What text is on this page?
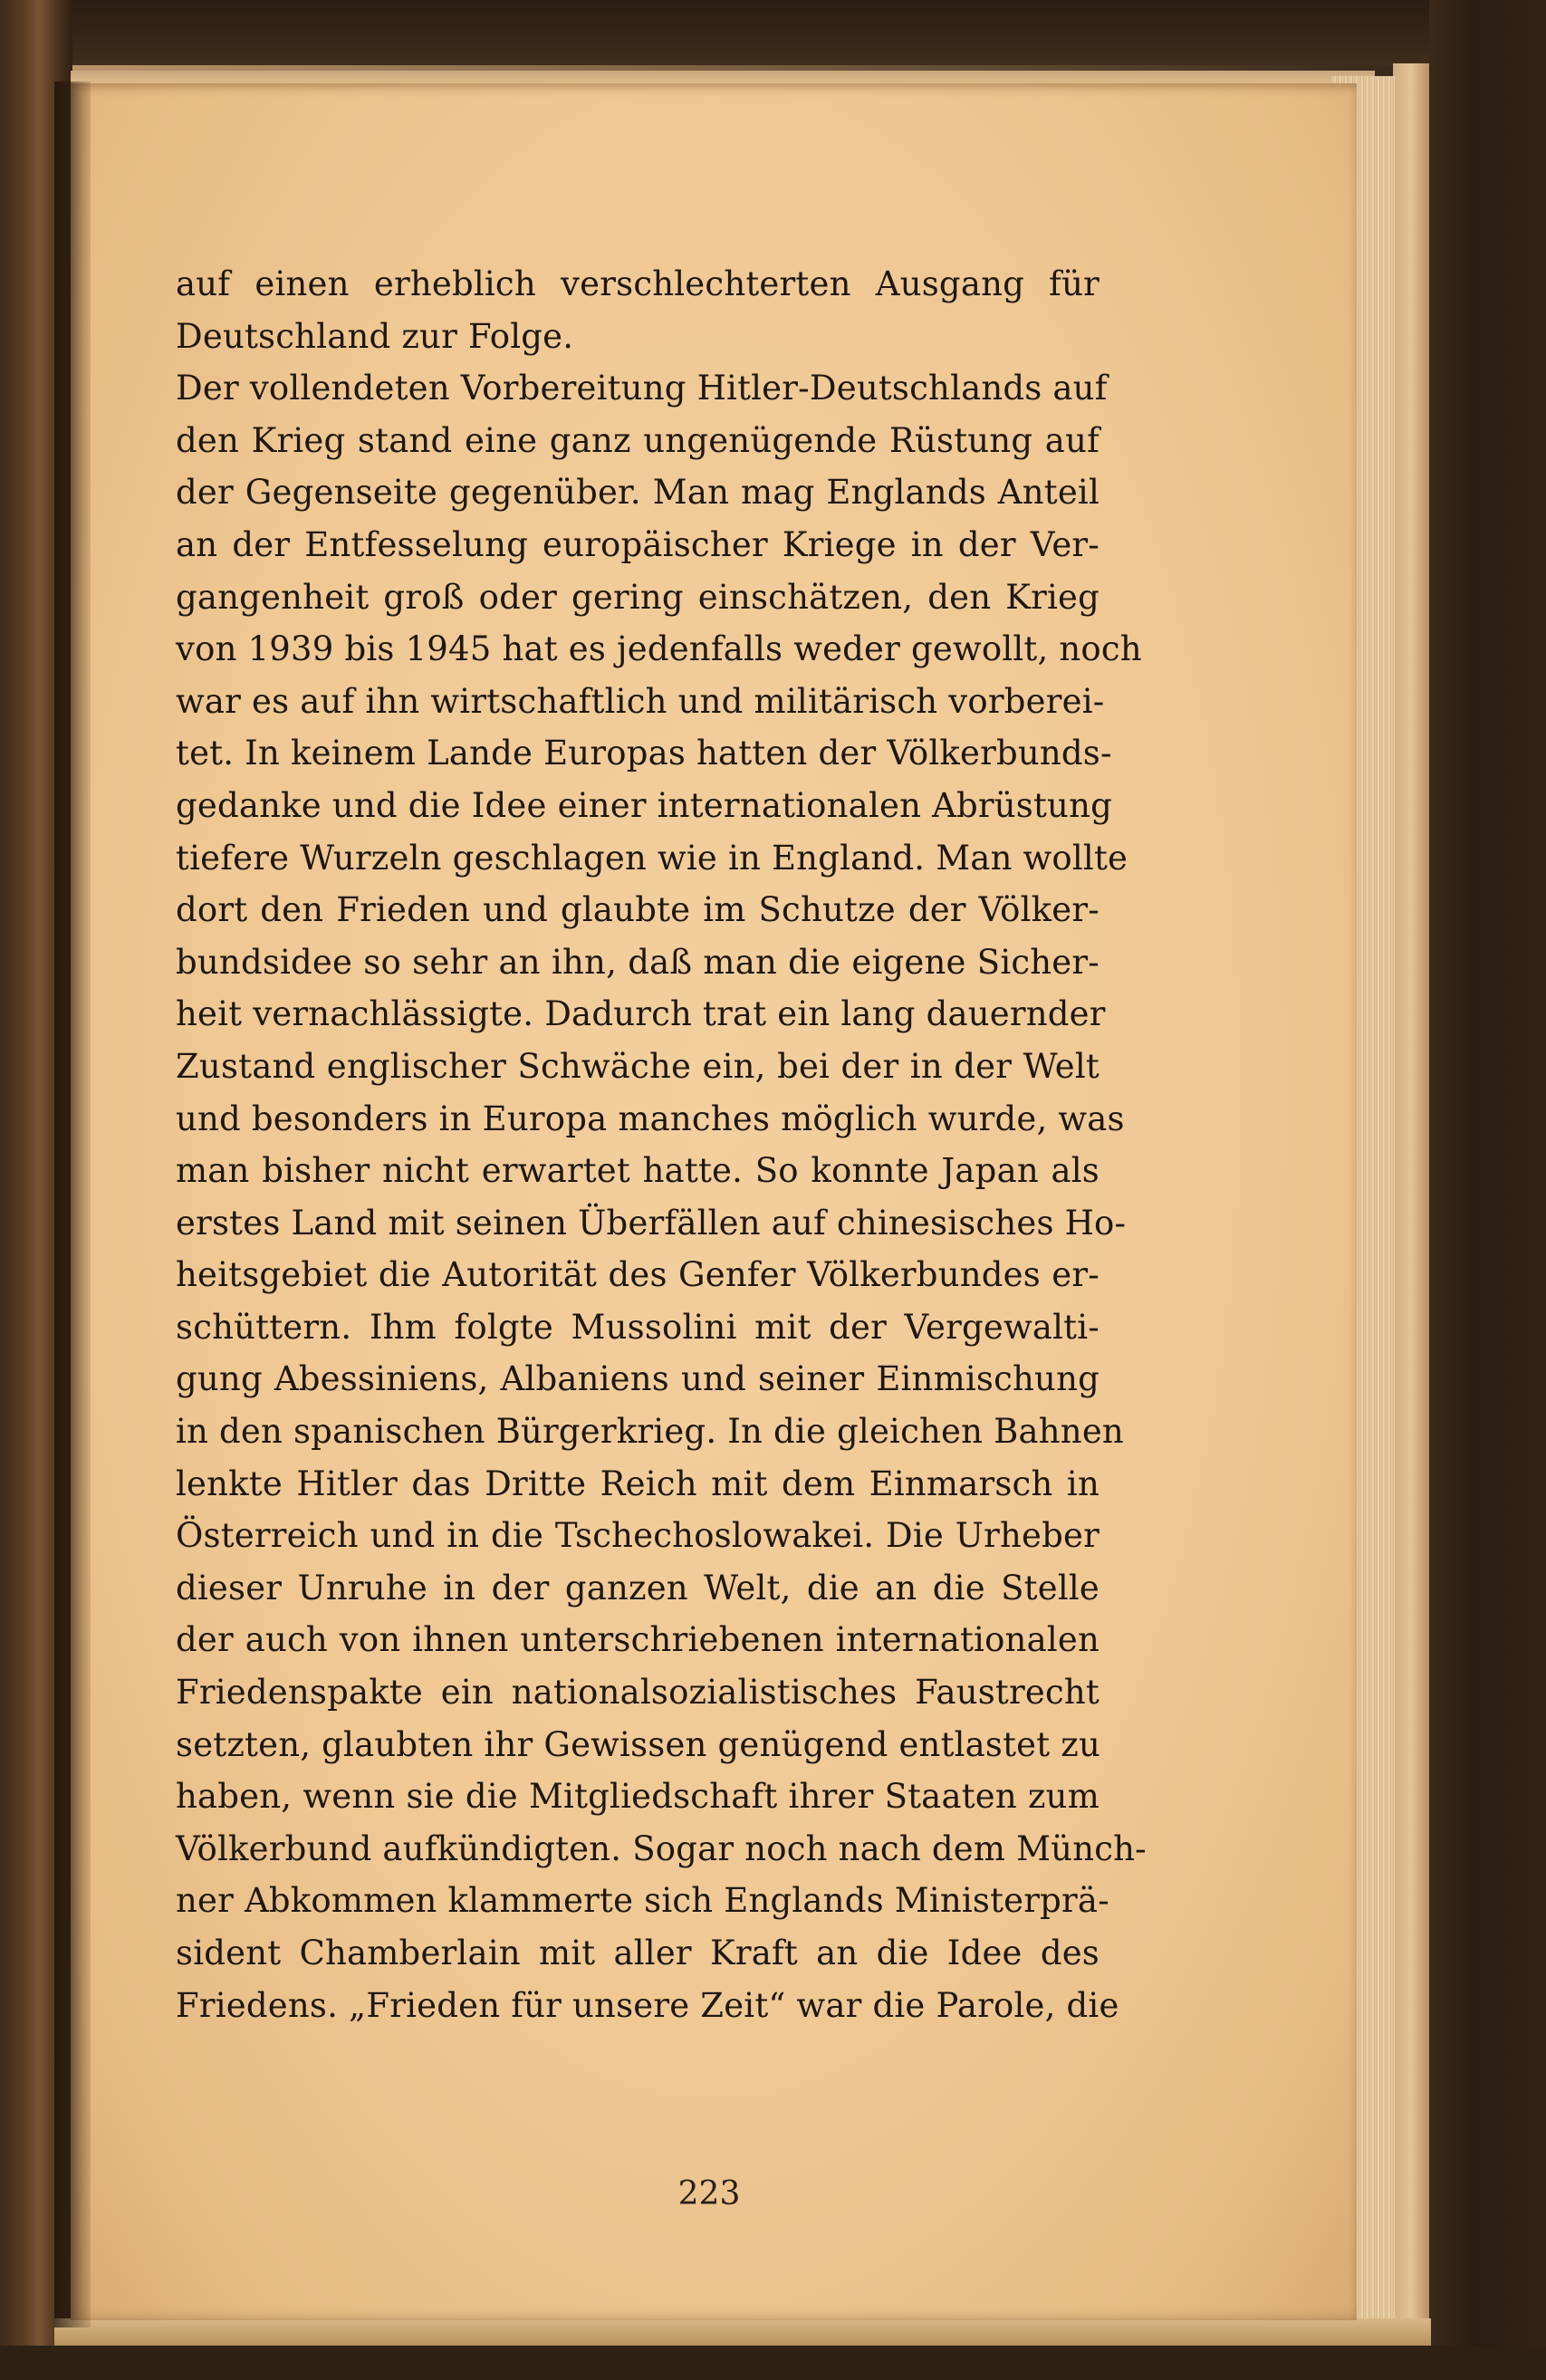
223
auf einen erheblich verschlechterten Ausgang für
Deutschland zur Folge.
Der vollendeten Vorbereitung Hitler-Deutschlands auf
den Krieg stand eine ganz ungenügende Rüstung auf
der Gegenseite gegenüber. Man mag Englands Anteil
an der Entfesselung europäischer Kriege in der Ver-
gangenheit groß oder gering einschätzen, den Krieg
von 1939 bis 1945 hat es jedenfalls weder gewollt, noch
war es auf ihn wirtschaftlich und militärisch vorberei-
tet. In keinem Lande Europas hatten der Völkerbunds-
gedanke und die Idee einer internationalen Abrüstung
tiefere Wurzeln geschlagen wie in England. Man wollte
dort den Frieden und glaubte im Schutze der Völker-
bundsidee so sehr an ihn, daß man die eigene Sicher-
heit vernachlässigte. Dadurch trat ein lang dauernder
Zustand englischer Schwäche ein, bei der in der Welt
und besonders in Europa manches möglich wurde, was
man bisher nicht erwartet hatte. So konnte Japan als
erstes Land mit seinen Überfällen auf chinesisches Ho-
heitsgebiet die Autorität des Genfer Völkerbundes er-
schüttern. Ihm folgte Mussolini mit der Vergewalti-
gung Abessiniens, Albaniens und seiner Einmischung
in den spanischen Bürgerkrieg. In die gleichen Bahnen
lenkte Hitler das Dritte Reich mit dem Einmarsch in
Österreich und in die Tschechoslowakei. Die Urheber
dieser Unruhe in der ganzen Welt, die an die Stelle
der auch von ihnen unterschriebenen internationalen
Friedenspakte ein nationalsozialistisches Faustrecht
setzten, glaubten ihr Gewissen genügend entlastet zu
haben, wenn sie die Mitgliedschaft ihrer Staaten zum
Völkerbund aufkündigten. Sogar noch nach dem Münch-
ner Abkommen klammerte sich Englands Ministerprä-
sident Chamberlain mit aller Kraft an die Idee des
Friedens. „Frieden für unsere Zeit“ war die Parole, die
